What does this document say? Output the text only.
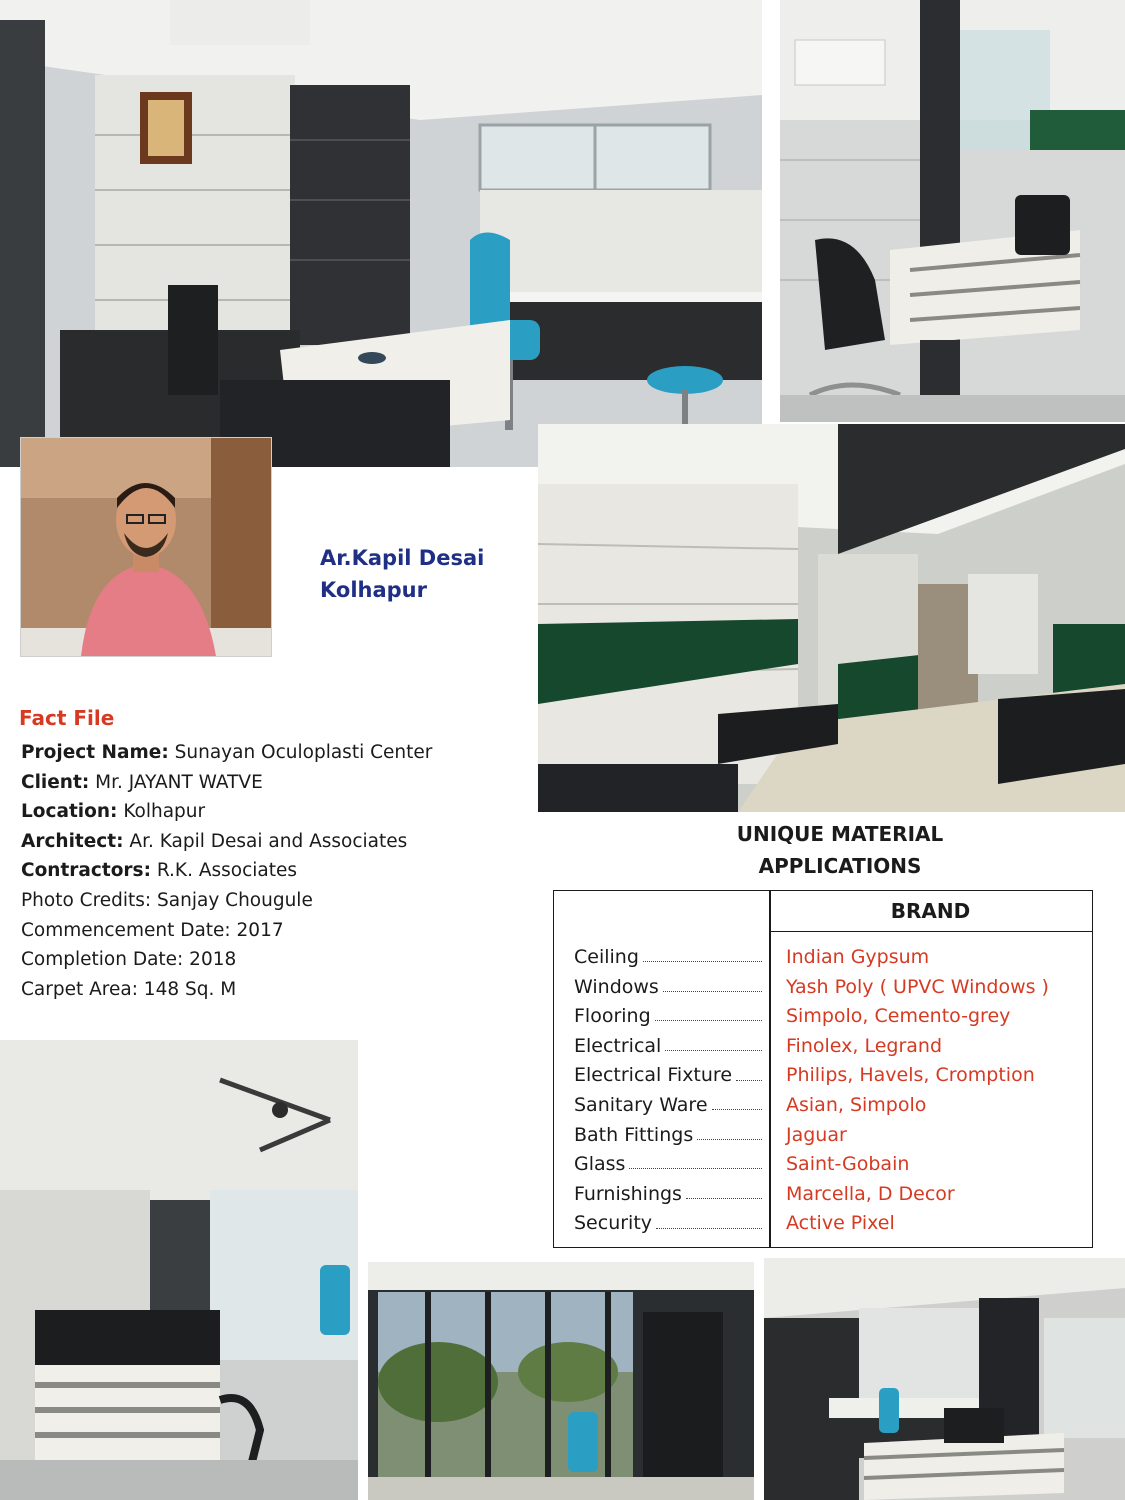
Ar.Kapil Desai
Kolhapur
Fact File
Project Name: Sunayan Oculoplasti Center
Client: Mr. JAYANT WATVE
Location: Kolhapur
Architect: Ar. Kapil Desai and Associates
Contractors: R.K. Associates
Photo Credits: Sanjay Chougule
Commencement Date: 2017
Completion Date: 2018
Carpet Area: 148 Sq. M
UNIQUE MATERIAL
APPLICATIONS
BRAND
Ceiling	Indian Gypsum
Windows	Yash Poly ( UPVC Windows )
Flooring	Simpolo, Cemento-grey
Electrical	Finolex, Legrand
Electrical Fixture	Philips, Havels, Cromption
Sanitary Ware	Asian, Simpolo
Bath Fittings	Jaguar
Glass	Saint-Gobain
Furnishings	Marcella, D Decor
Security	Active Pixel
